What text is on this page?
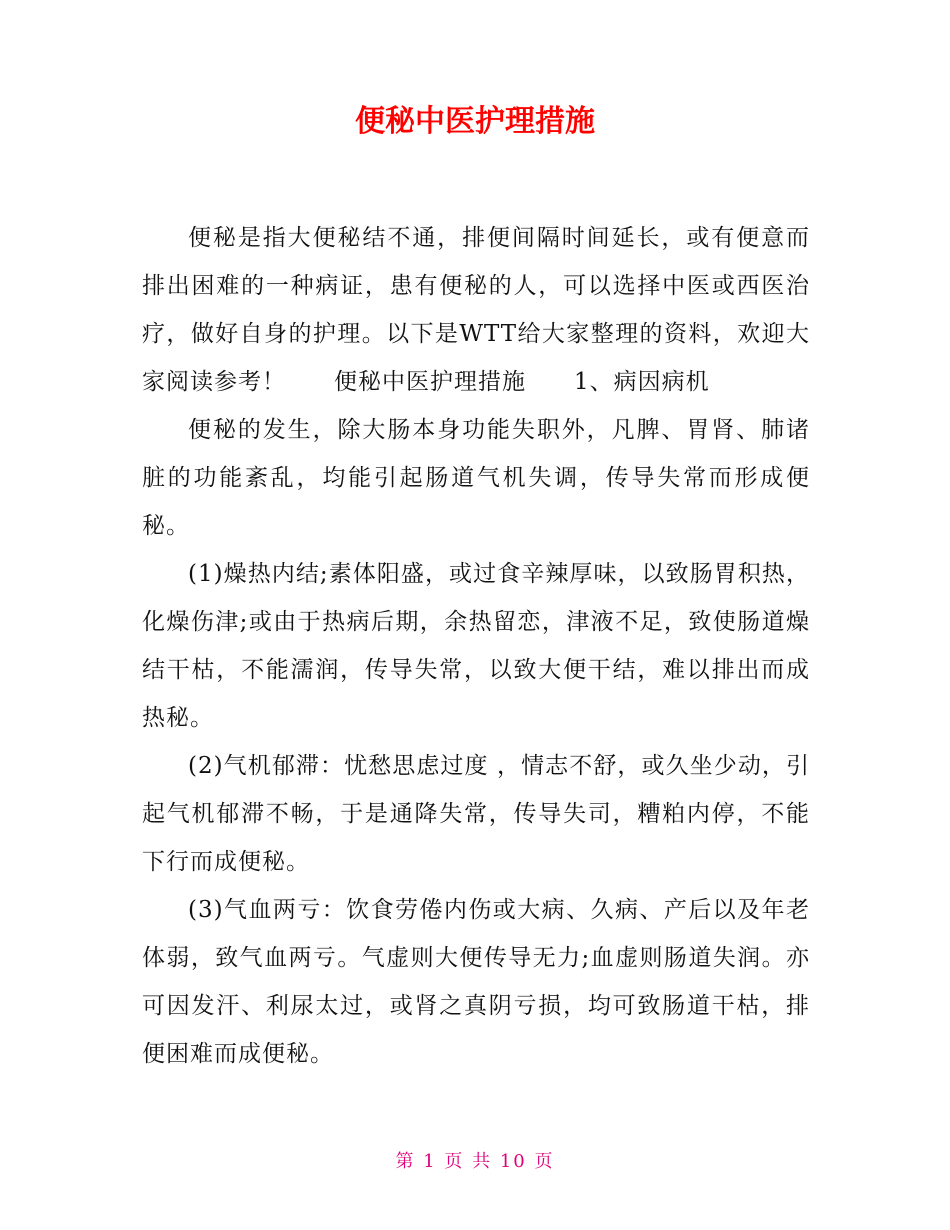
便秘中医护理措施

便秘是指大便秘结不通，排便间隔时间延长，或有便意而排出困难的一种病证，患有便秘的人，可以选择中医或西医治疗，做好自身的护理。以下是WTT给大家整理的资料，欢迎大家阅读参考！　　便秘中医护理措施　　1、病因病机

便秘的发生，除大肠本身功能失职外，凡脾、胃肾、肺诸脏的功能紊乱，均能引起肠道气机失调，传导失常而形成便秘。

(1)燥热内结;素体阳盛，或过食辛辣厚味，以致肠胃积热，化燥伤津;或由于热病后期，余热留恋，津液不足，致使肠道燥结干枯，不能濡润，传导失常，以致大便干结，难以排出而成热秘。

(2)气机郁滞：忧愁思虑过度 ，情志不舒，或久坐少动，引起气机郁滞不畅，于是通降失常，传导失司，糟粕内停，不能下行而成便秘。

(3)气血两亏：饮食劳倦内伤或大病、久病、产后以及年老体弱，致气血两亏。气虚则大便传导无力;血虚则肠道失润。亦可因发汗、利尿太过，或肾之真阴亏损，均可致肠道干枯，排便困难而成便秘。

第 1 页 共 10 页
